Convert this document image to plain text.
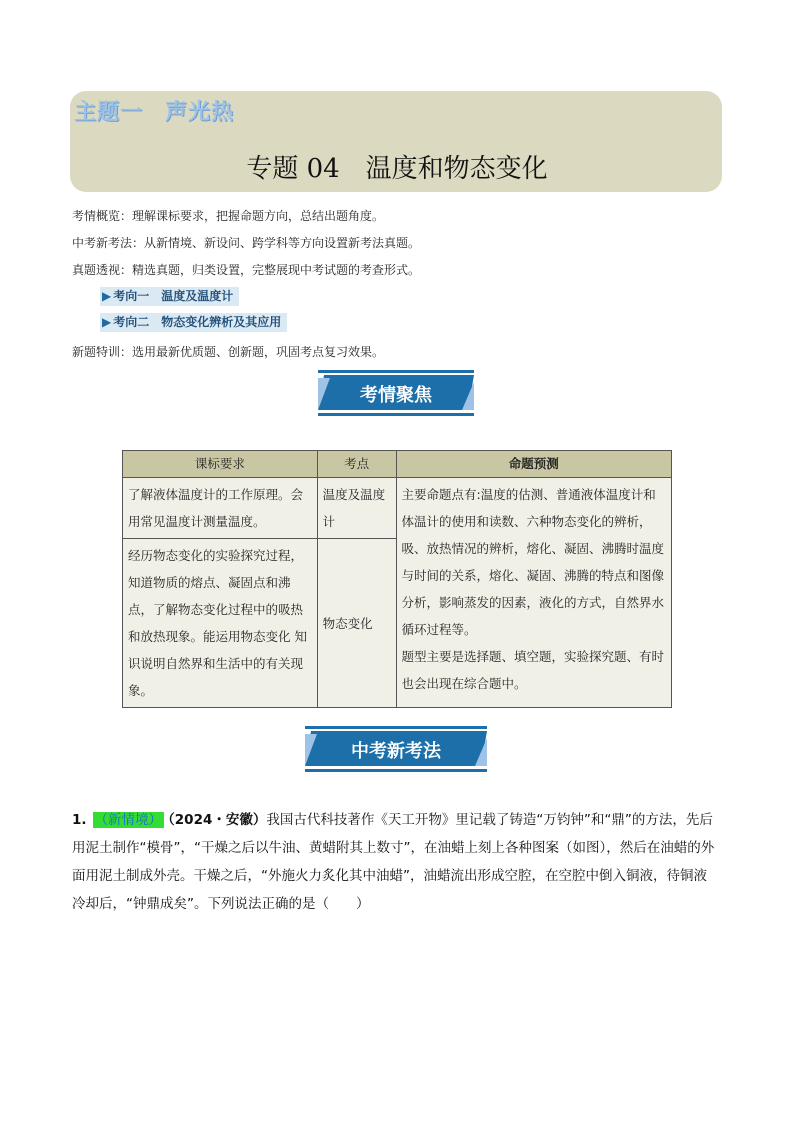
主题一 声光热
专题 04　温度和物态变化
考情概览：理解课标要求，把握命题方向，总结出题角度。
中考新考法：从新情境、新设问、跨学科等方向设置新考法真题。
真题透视：精选真题，归类设置，完整展现中考试题的考查形式。
▶ 考向一　温度及温度计
▶ 考向二　物态变化辨析及其应用
新题特训：选用最新优质题、创新题，巩固考点复习效果。
考情聚焦
课标要求	考点	命题预测
了解液体温度计的工作原理。会用常见温度计测量温度。	温度及温度计	主要命题点有:温度的估测、普通液体温度计和体温计的使用和读数、六种物态变化的辨析，吸、放热情况的辨析，熔化、凝固、沸腾时温度与时间的关系，熔化、凝固、沸腾的特点和图像分析，影响蒸发的因素，液化的方式，自然界水循环过程等。
题型主要是选择题、填空题，实验探究题、有时也会出现在综合题中。

经历物态变化的实验探究过程，知道物质的熔点、凝固点和沸点，了解物态变化过程中的吸热和放热现象。能运用物态变化 知识说明自然界和生活中的有关现象。	物态变化	
中考新考法
1. （新情境） （2024・安徽）我国古代科技著作《天工开物》里记载了铸造“万钧钟”和“鼎”的方法，先后用泥土制作“模骨”，“干燥之后以牛油、黄蜡附其上数寸”，在油蜡上刻上各种图案（如图），然后在油蜡的外面用泥土制成外壳。干燥之后，“外施火力炙化其中油蜡”，油蜡流出形成空腔，在空腔中倒入铜液，待铜液冷却后，“钟鼎成矣”。下列说法正确的是（　　）
